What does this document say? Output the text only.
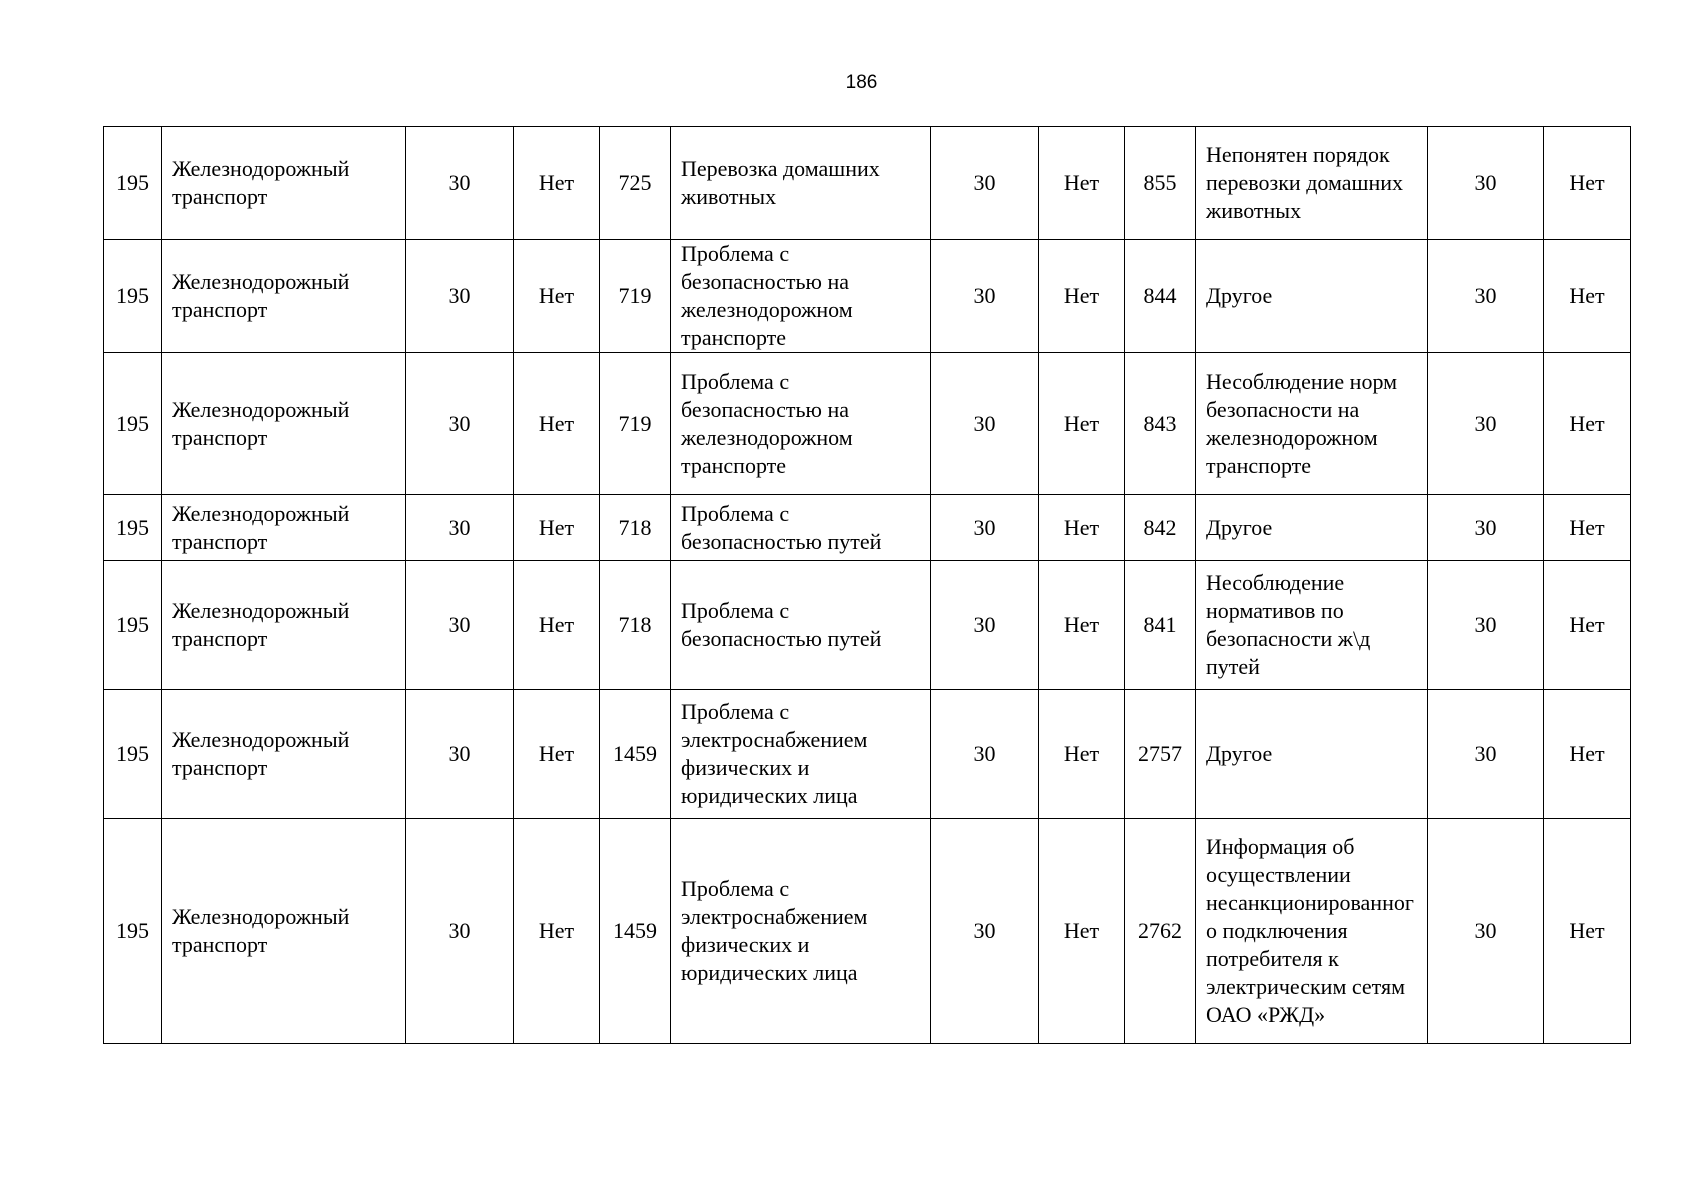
186
195	Железнодорожный транспорт	30	Нет	725	Перевозка домашних животных	30	Нет	855	Непонятен порядок перевозки домашних животных	30	Нет
195	Железнодорожный транспорт	30	Нет	719	Проблема с безопасностью на железнодорожном транспорте	30	Нет	844	Другое	30	Нет
195	Железнодорожный транспорт	30	Нет	719	Проблема с безопасностью на железнодорожном транспорте	30	Нет	843	Несоблюдение норм безопасности на железнодорожном транспорте	30	Нет
195	Железнодорожный транспорт	30	Нет	718	Проблема с безопасностью путей	30	Нет	842	Другое	30	Нет
195	Железнодорожный транспорт	30	Нет	718	Проблема с безопасностью путей	30	Нет	841	Несоблюдение нормативов по безопасности ж\д путей	30	Нет
195	Железнодорожный транспорт	30	Нет	1459	Проблема с электроснабжением физических и юридических лица	30	Нет	2757	Другое	30	Нет
195	Железнодорожный транспорт	30	Нет	1459	Проблема с электроснабжением физических и юридических лица	30	Нет	2762	Информация об осуществлении несанкционированного подключения потребителя к электрическим сетям ОАО «РЖД»	30	Нет
